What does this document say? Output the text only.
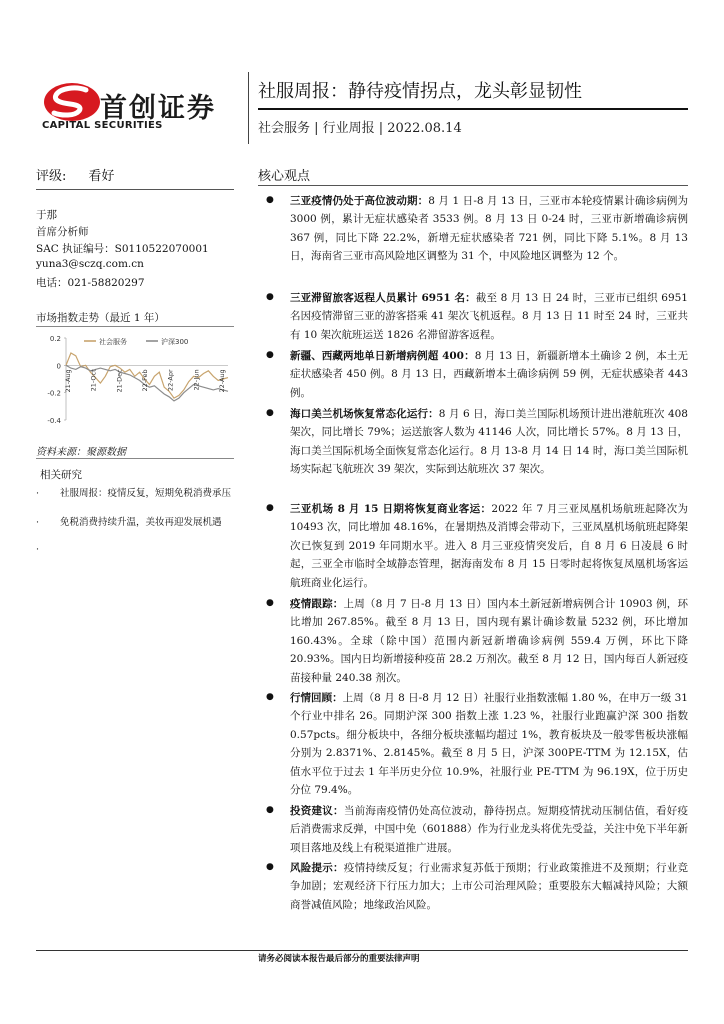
首创证券
CAPITAL SECURITIES
社服周报：静待疫情拐点，龙头彰显韧性
社会服务 | 行业周报 | 2022.08.14
评级: 看好
于那
首席分析师
SAC 执证编号：S0110522070001
yuna3@sczq.com.cn
电话：021-58820297
市场指数走势（最近 1 年）
0.2
0
-0.2
-0.4
社会服务	沪深300
21-Aug	21-Oct	21-Dec	22-Feb	22-Apr	22-Jun	22-Aug
资料来源：聚源数据
相关研究
· 社服周报：疫情反复，短期免税消费承压
· 免税消费持续升温，美妆再迎发展机遇
·
核心观点
● 三亚疫情仍处于高位波动期：8 月 1 日-8 月 13 日，三亚市本轮疫情累计确诊病例为 3000 例，累计无症状感染者 3533 例。8 月 13 日 0-24 时，三亚市新增确诊病例 367 例，同比下降 22.2%，新增无症状感染者 721 例，同比下降 5.1%。8 月 13 日，海南省三亚市高风险地区调整为 31 个，中风险地区调整为 12 个。

● 三亚滞留旅客返程人员累计 6951 名：截至 8 月 13 日 24 时，三亚市已组织 6951 名因疫情滞留三亚的游客搭乘 41 架次飞机返程。8 月 13 日 11 时至 24 时，三亚共有 10 架次航班运送 1826 名滞留游客返程。

● 新疆、西藏两地单日新增病例超 400：8 月 13 日，新疆新增本土确诊 2 例，本土无症状感染者 450 例。8 月 13 日，西藏新增本土确诊病例 59 例，无症状感染者 443 例。

● 海口美兰机场恢复常态化运行：8 月 6 日，海口美兰国际机场预计进出港航班次 408 架次，同比增长 79%；运送旅客人数为 41146 人次，同比增长 57%。8 月 13 日，海口美兰国际机场全面恢复常态化运行。8 月 13-8 月 14 日 14 时，海口美兰国际机场实际起飞航班次 39 架次，实际到达航班次 37 架次。

● 三亚机场 8 月 15 日期将恢复商业客运：2022 年 7 月三亚凤凰机场航班起降次为 10493 次，同比增加 48.16%，在暑期热及消博会带动下，三亚凤凰机场航班起降架次已恢复到 2019 年同期水平。进入 8 月三亚疫情突发后，自 8 月 6 日凌晨 6 时起，三亚全市临时全域静态管理，据海南发布 8 月 15 日零时起将恢复凤凰机场客运航班商业化运行。

● 疫情跟踪：上周（8 月 7 日-8 月 13 日）国内本土新冠新增病例合计 10903 例，环比增加 267.85%。截至 8 月 13 日，国内现有累计确诊数量 5232 例，环比增加 160.43%。全球（除中国）范围内新冠新增确诊病例 559.4 万例，环比下降 20.93%。国内日均新增接种疫苗 28.2 万剂次。截至 8 月 12 日，国内每百人新冠疫苗接种量 240.38 剂次。

● 行情回顾：上周（8 月 8 日-8 月 12 日）社服行业指数涨幅 1.80 %，在申万一级 31 个行业中排名 26。同期沪深 300 指数上涨 1.23 %，社服行业跑赢沪深 300 指数 0.57pcts。细分板块中，各细分板块涨幅均超过 1%，教育板块及一般零售板块涨幅分别为 2.8371%、2.8145%。截至 8 月 5 日，沪深 300PE-TTM 为 12.15X，估值水平位于过去 1 年半历史分位 10.9%，社服行业 PE-TTM 为 96.19X，位于历史分位 79.4%。

● 投资建议：当前海南疫情仍处高位波动，静待拐点。短期疫情扰动压制估值，看好疫后消费需求反弹，中国中免（601888）作为行业龙头将优先受益，关注中免下半年新项目落地及线上有税渠道推广进展。

● 风险提示：疫情持续反复；行业需求复苏低于预期；行业政策推进不及预期；行业竞争加剧；宏观经济下行压力加大；上市公司治理风险；重要股东大幅减持风险；大额商誉减值风险；地缘政治风险。

请务必阅读本报告最后部分的重要法律声明
